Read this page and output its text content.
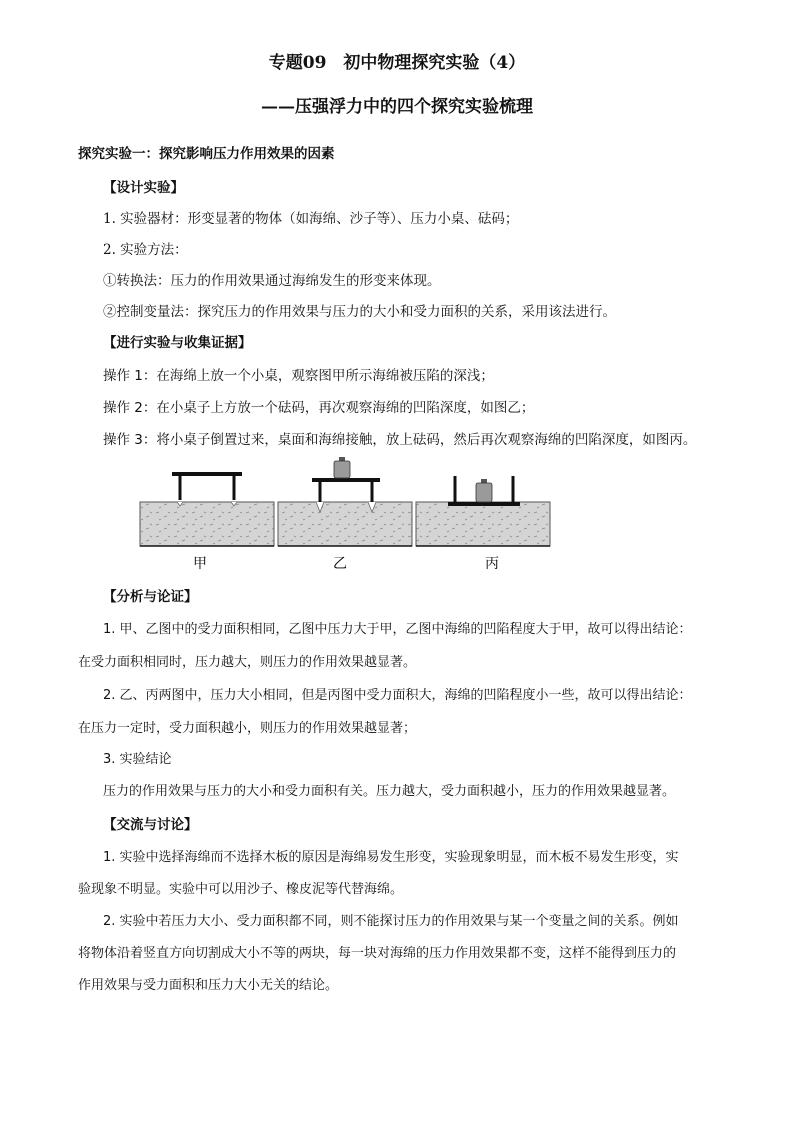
专题09　初中物理探究实验（4）
——压强浮力中的四个探究实验梳理
探究实验一：探究影响压力作用效果的因素
【设计实验】
1. 实验器材：形变显著的物体（如海绵、沙子等）、压力小桌、砝码；
2. 实验方法：
①转换法：压力的作用效果通过海绵发生的形变来体现。
②控制变量法：探究压力的作用效果与压力的大小和受力面积的关系，采用该法进行。
【进行实验与收集证据】
操作 1：在海绵上放一个小桌，观察图甲所示海绵被压陷的深浅；
操作 2：在小桌子上方放一个砝码，再次观察海绵的凹陷深度，如图乙；
操作 3：将小桌子倒置过来，桌面和海绵接触，放上砝码，然后再次观察海绵的凹陷深度，如图丙。
甲	乙	丙
【分析与论证】
1. 甲、乙图中的受力面积相同，乙图中压力大于甲，乙图中海绵的凹陷程度大于甲，故可以得出结论：
在受力面积相同时，压力越大，则压力的作用效果越显著。
2. 乙、丙两图中，压力大小相同，但是丙图中受力面积大，海绵的凹陷程度小一些，故可以得出结论：
在压力一定时，受力面积越小，则压力的作用效果越显著；
3. 实验结论
压力的作用效果与压力的大小和受力面积有关。压力越大，受力面积越小，压力的作用效果越显著。
【交流与讨论】
1. 实验中选择海绵而不选择木板的原因是海绵易发生形变，实验现象明显，而木板不易发生形变，实
验现象不明显。实验中可以用沙子、橡皮泥等代替海绵。
2. 实验中若压力大小、受力面积都不同，则不能探讨压力的作用效果与某一个变量之间的关系。例如
将物体沿着竖直方向切割成大小不等的两块，每一块对海绵的压力作用效果都不变，这样不能得到压力的
作用效果与受力面积和压力大小无关的结论。
